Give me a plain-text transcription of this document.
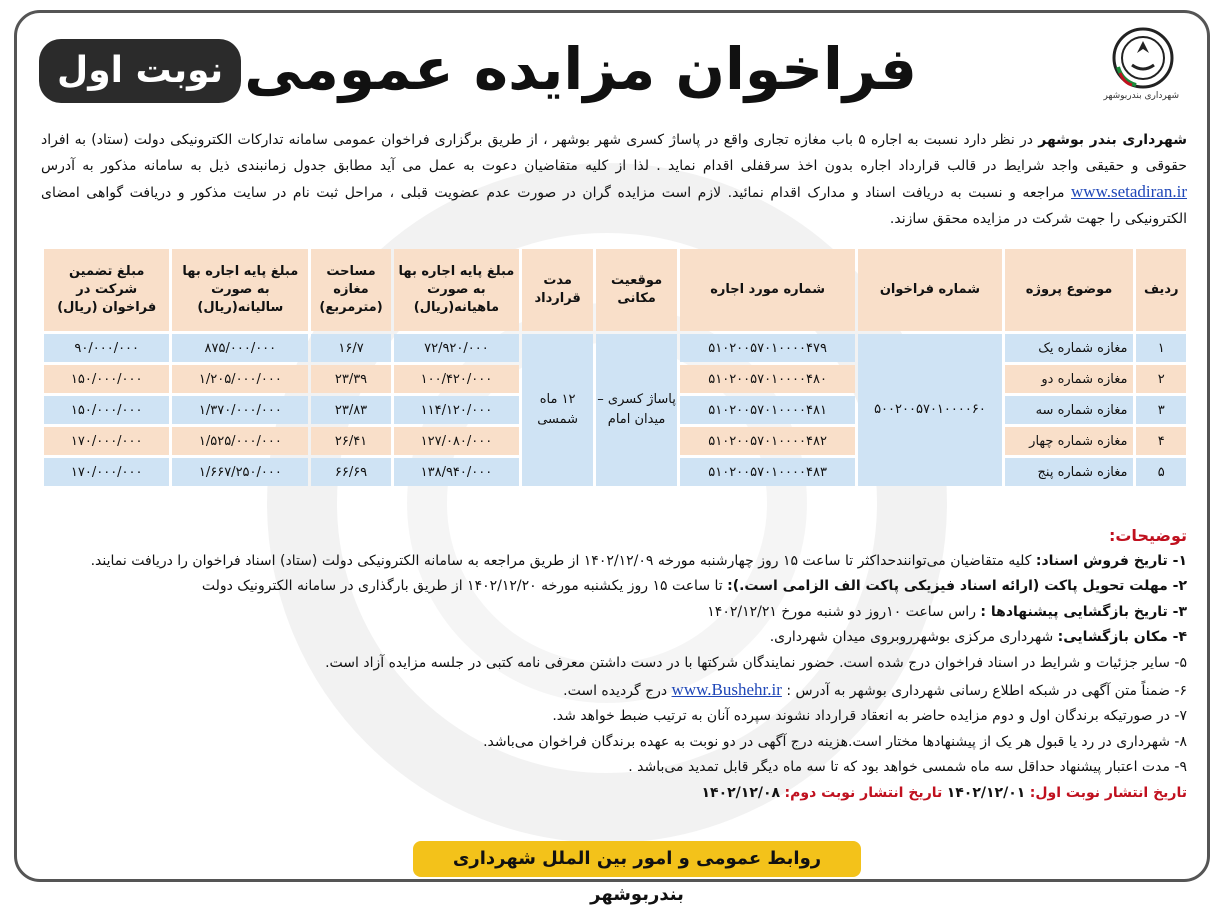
شهرداری بندربوشهر
فراخوان مزایده عمومی
نوبت اول
شهرداری بندر بوشهر در نظر دارد نسبت به اجاره ۵ باب مغازه تجاری واقع در پاساژ کسری شهر بوشهر ، از طریق برگزاری فراخوان عمومی سامانه تدارکات الکترونیکی دولت (ستاد) به افراد حقوقی و حقیقی واجد شرایط در قالب قرارداد اجاره بدون اخذ سرقفلی اقدام نماید . لذا از کلیه متقاضیان دعوت به عمل می آید مطابق جدول زمانبندی ذیل به سامانه مذکور به آدرس www.setadiran.ir مراجعه و نسبت به دریافت اسناد و مدارک اقدام نمائید. لازم است مزایده گران در صورت عدم عضویت قبلی ، مراحل ثبت نام در سایت مذکور و دریافت گواهی امضای الکترونیکی را جهت شرکت در مزایده محقق سازند.
ردیف	موضوع پروژه	شماره فراخوان	شماره مورد اجاره	موقعیت مکانی	مدت قرارداد	مبلغ پایه اجاره بها به صورت ماهیانه(ریال)	مساحت مغازه (مترمربع)	مبلغ پایه اجاره بها به صورت سالیانه(ریال)	مبلغ تضمین شرکت در فراخوان (ریال)
۱	مغازه شماره یک	۵۰۰۲۰۰۵۷۰۱۰۰۰۰۶۰	۵۱۰۲۰۰۵۷۰۱۰۰۰۰۴۷۹	پاساژ کسری – میدان امام	۱۲ ماه شمسی	۷۲/۹۲۰/۰۰۰	۱۶/۷	۸۷۵/۰۰۰/۰۰۰	۹۰/۰۰۰/۰۰۰
۲	مغازه شماره دو		۵۱۰۲۰۰۵۷۰۱۰۰۰۰۴۸۰			۱۰۰/۴۲۰/۰۰۰	۲۳/۳۹	۱/۲۰۵/۰۰۰/۰۰۰	۱۵۰/۰۰۰/۰۰۰
۳	مغازه شماره سه		۵۱۰۲۰۰۵۷۰۱۰۰۰۰۴۸۱			۱۱۴/۱۲۰/۰۰۰	۲۳/۸۳	۱/۳۷۰/۰۰۰/۰۰۰	۱۵۰/۰۰۰/۰۰۰
۴	مغازه شماره چهار		۵۱۰۲۰۰۵۷۰۱۰۰۰۰۴۸۲			۱۲۷/۰۸۰/۰۰۰	۲۶/۴۱	۱/۵۲۵/۰۰۰/۰۰۰	۱۷۰/۰۰۰/۰۰۰
۵	مغازه شماره پنج		۵۱۰۲۰۰۵۷۰۱۰۰۰۰۴۸۳			۱۳۸/۹۴۰/۰۰۰	۶۶/۶۹	۱/۶۶۷/۲۵۰/۰۰۰	۱۷۰/۰۰۰/۰۰۰
توضیحات:
۱- تاریخ فروش اسناد: کلیه متقاضیان می‌توانندحداکثر تا ساعت ۱۵ روز چهارشنبه مورخه ۱۴۰۲/۱۲/۰۹ از طریق مراجعه به سامانه الکترونیکی دولت (ستاد) اسناد فراخوان را دریافت نمایند.
۲- مهلت تحویل پاکت (ارائه اسناد فیزیکی پاکت الف الزامی است.): تا ساعت ۱۵ روز یکشنبه مورخه ۱۴۰۲/۱۲/۲۰ از طریق بارگذاری در سامانه الکترونیک دولت
۳- تاریخ بازگشایی پیشنهادها : راس ساعت ۱۰روز دو شنبه مورخ ۱۴۰۲/۱۲/۲۱
۴- مکان بازگشایی: شهرداری مرکزی بوشهرروبروی میدان شهرداری.
۵- سایر جزئیات و شرایط در اسناد فراخوان درج شده است. حضور نمایندگان شرکتها با در دست داشتن معرفی نامه کتبی در جلسه مزایده آزاد است.
۶- ضمناً متن آگهی در شبکه اطلاع رسانی شهرداری بوشهر به آدرس : www.Bushehr.ir درج گردیده است.
۷- در صورتیکه برندگان اول و دوم مزایده حاضر به انعقاد قرارداد نشوند سپرده آنان به ترتیب ضبط خواهد شد.
۸- شهرداری در رد یا قبول هر یک از پیشنهادها مختار است.هزینه درج آگهی در دو نوبت به عهده برندگان فراخوان می‌باشد.
۹- مدت اعتبار پیشنهاد حداقل سه ماه شمسی خواهد بود که تا سه ماه دیگر قابل تمدید می‌باشد .
تاریخ انتشار نوبت اول: ۱۴۰۲/۱۲/۰۱ تاریخ انتشار نوبت دوم: ۱۴۰۲/۱۲/۰۸
روابط عمومی و امور بین الملل شهرداری بندربوشهر
